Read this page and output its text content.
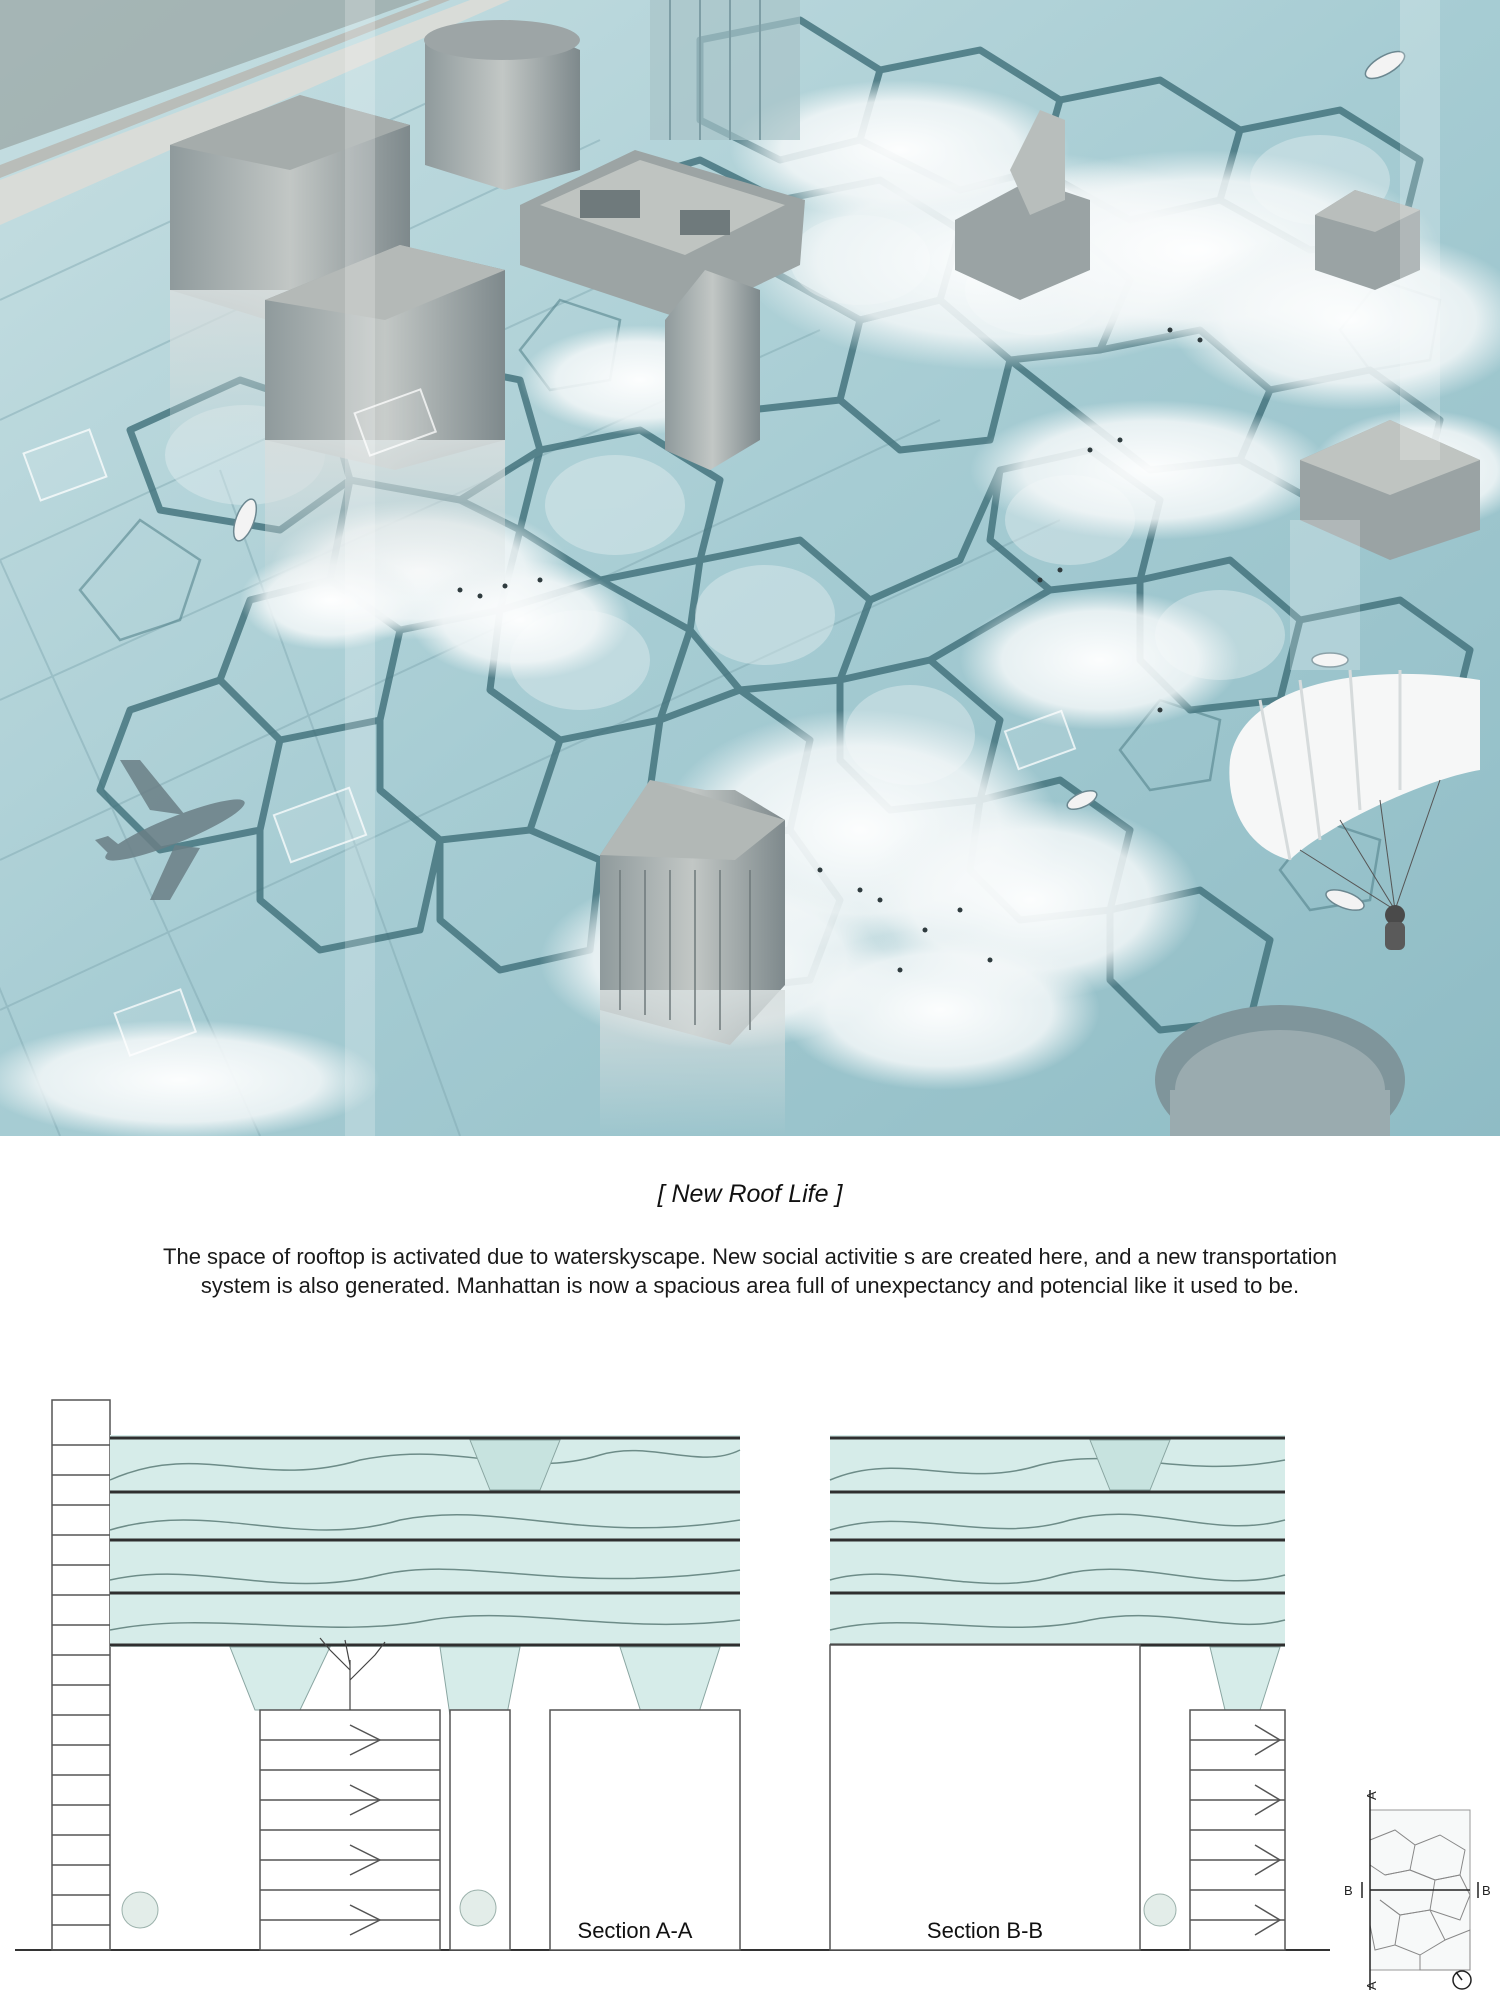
[ New Roof Life ]

The space of rooftop is activated due to waterskyscape. New social activitie s are created here, and a new transportation

system is also generated. Manhattan is now a spacious area full of unexpectancy and potencial like it used to be.

Section A-A	Section B-B
A
A
B	B
